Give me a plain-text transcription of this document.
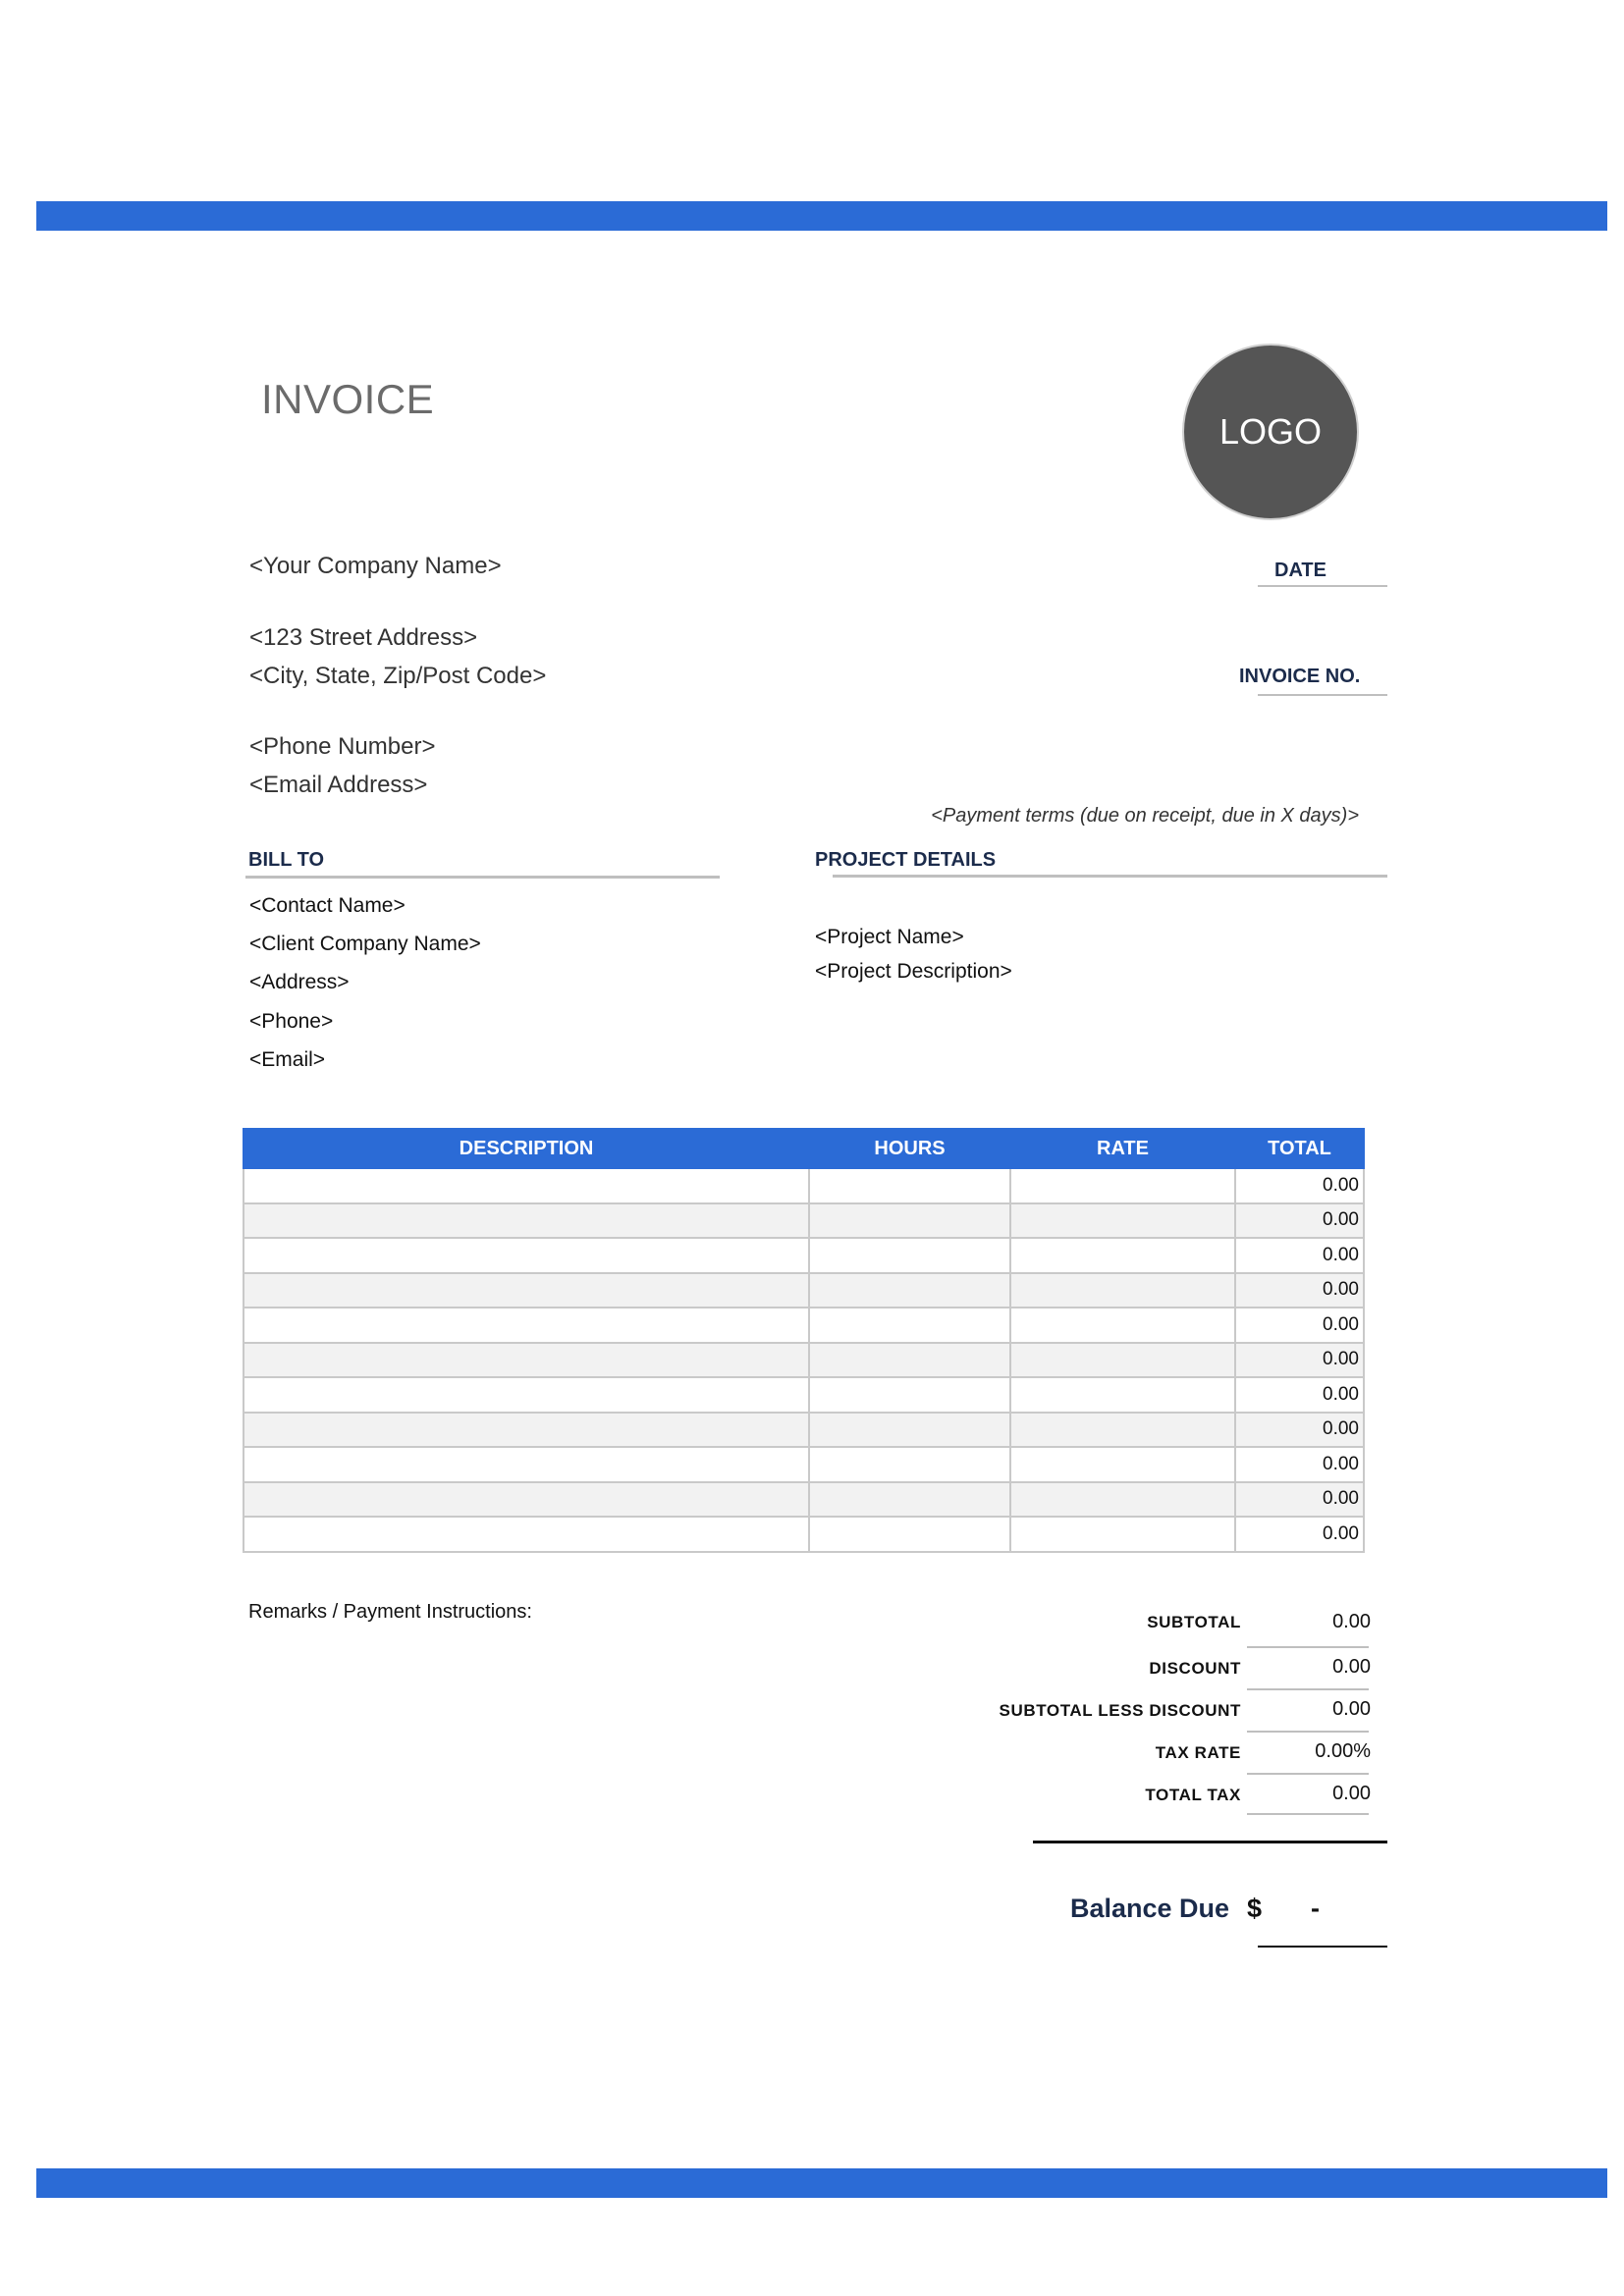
INVOICE
LOGO
<Your Company Name>
<123 Street Address>
<City, State, Zip/Post Code>
<Phone Number>
<Email Address>
DATE
INVOICE NO.
<Payment terms (due on receipt, due in X days)>
BILL TO
<Contact Name>
<Client Company Name>
<Address>
<Phone>
<Email>
PROJECT DETAILS
<Project Name>
<Project Description>
DESCRIPTION	HOURS	RATE	TOTAL
			0.00
			0.00
			0.00
			0.00
			0.00
			0.00
			0.00
			0.00
			0.00
			0.00
			0.00
Remarks / Payment Instructions:	SUBTOTAL	0.00
DISCOUNT	0.00
SUBTOTAL LESS DISCOUNT	0.00
TAX RATE	0.00%
TOTAL TAX	0.00
Balance Due $ -
